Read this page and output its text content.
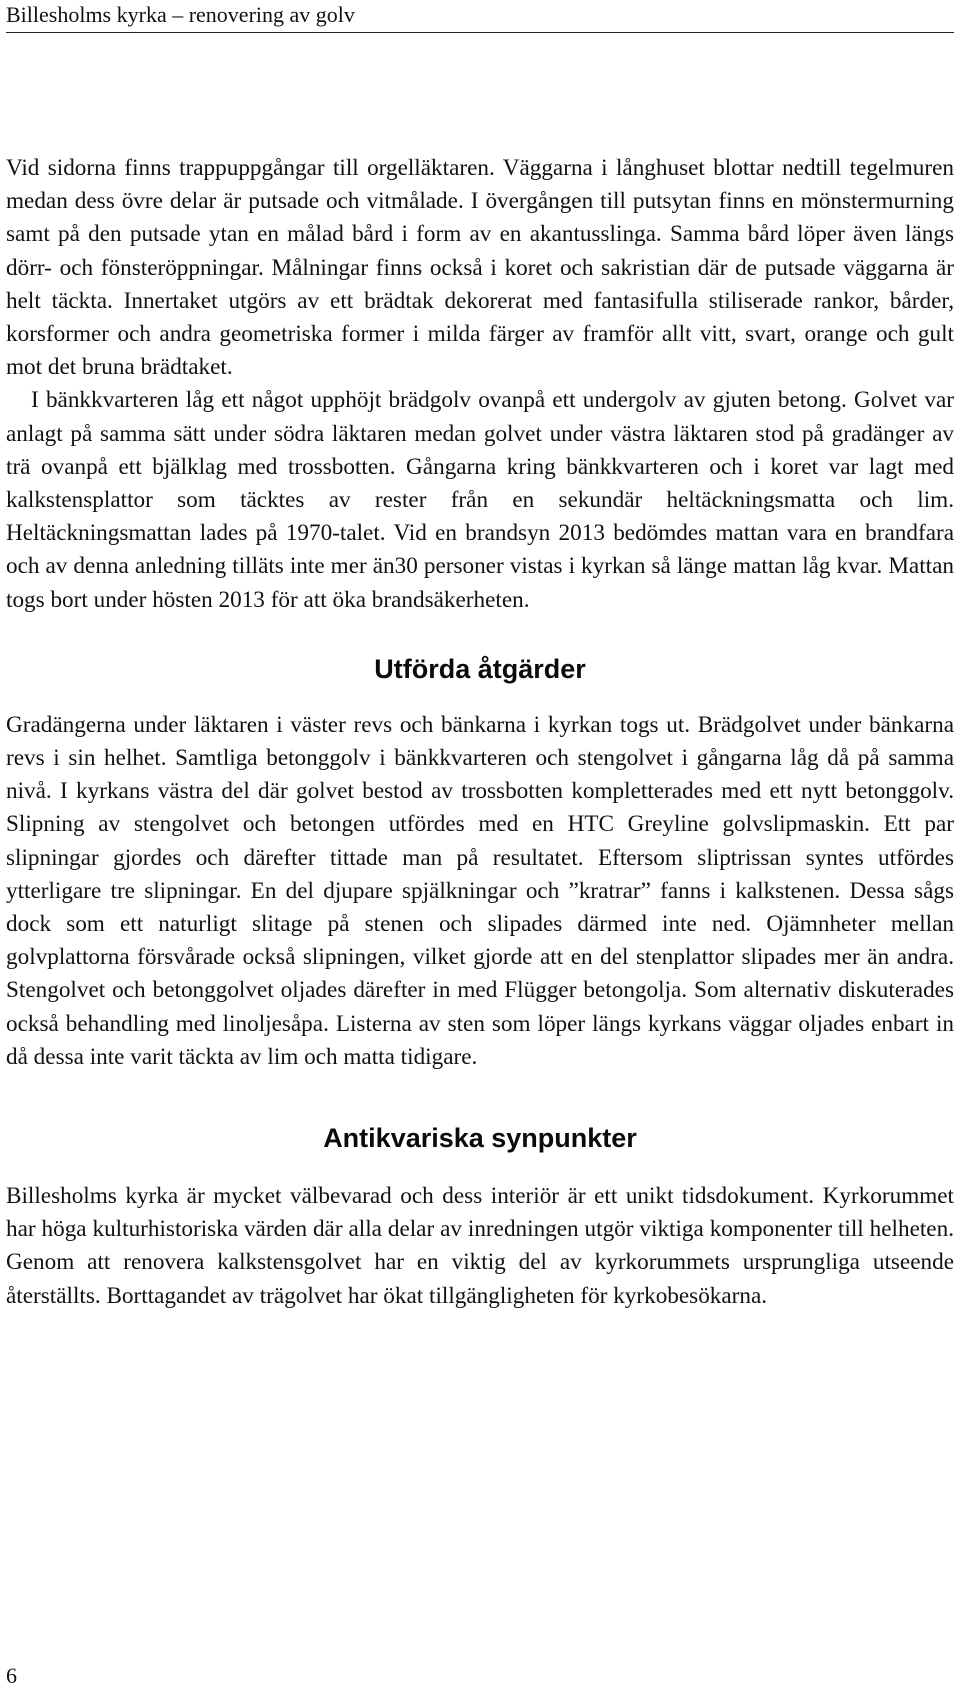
Billesholms kyrka – renovering av golv

Vid sidorna finns trappuppgångar till orgelläktaren. Väggarna i långhuset blottar nedtill tegelmuren medan dess övre delar är putsade och vitmålade. I övergången till putsytan finns en mönstermurning samt på den putsade ytan en målad bård i form av en akantusslinga. Samma bård löper även längs dörr- och fönsteröppningar. Målningar finns också i koret och sakristian där de putsade väggarna är helt täckta. Innertaket utgörs av ett brädtak dekorerat med fantasifulla stiliserade rankor, bårder, korsformer och andra geometriska former i milda färger av framför allt vitt, svart, orange och gult mot det bruna brädtaket.

I bänkkvarteren låg ett något upphöjt brädgolv ovanpå ett undergolv av gjuten betong. Golvet var anlagt på samma sätt under södra läktaren medan golvet under västra läktaren stod på gradänger av trä ovanpå ett bjälklag med trossbotten. Gångarna kring bänkkvarteren och i koret var lagt med kalkstensplattor som täcktes av rester från en sekundär heltäckningsmatta och lim. Heltäckningsmattan lades på 1970-talet. Vid en brandsyn 2013 bedömdes mattan vara en brandfara och av denna anledning tilläts inte mer än30 personer vistas i kyrkan så länge mattan låg kvar. Mattan togs bort under hösten 2013 för att öka brandsäkerheten.

Utförda åtgärder

Gradängerna under läktaren i väster revs och bänkarna i kyrkan togs ut. Brädgolvet under bänkarna revs i sin helhet. Samtliga betonggolv i bänkkvarteren och stengolvet i gångarna låg då på samma nivå. I kyrkans västra del där golvet bestod av trossbotten kompletterades med ett nytt betonggolv. Slipning av stengolvet och betongen utfördes med en HTC Greyline golvslipmaskin. Ett par slipningar gjordes och därefter tittade man på resultatet. Eftersom sliptrissan syntes utfördes ytterligare tre slipningar. En del djupare spjälkningar och ”kratrar” fanns i kalkstenen. Dessa sågs dock som ett naturligt slitage på stenen och slipades därmed inte ned. Ojämnheter mellan golvplattorna försvårade också slipningen, vilket gjorde att en del stenplattor slipades mer än andra. Stengolvet och betonggolvet oljades därefter in med Flügger betongolja. Som alternativ diskuterades också behandling med linoljesåpa. Listerna av sten som löper längs kyrkans väggar oljades enbart in då dessa inte varit täckta av lim och matta tidigare.

Antikvariska synpunkter

Billesholms kyrka är mycket välbevarad och dess interiör är ett unikt tidsdokument. Kyrkorummet har höga kulturhistoriska värden där alla delar av inredningen utgör viktiga komponenter till helheten. Genom att renovera kalkstensgolvet har en viktig del av kyrkorummets ursprungliga utseende återställts. Borttagandet av trägolvet har ökat tillgängligheten för kyrkobesökarna.

6
